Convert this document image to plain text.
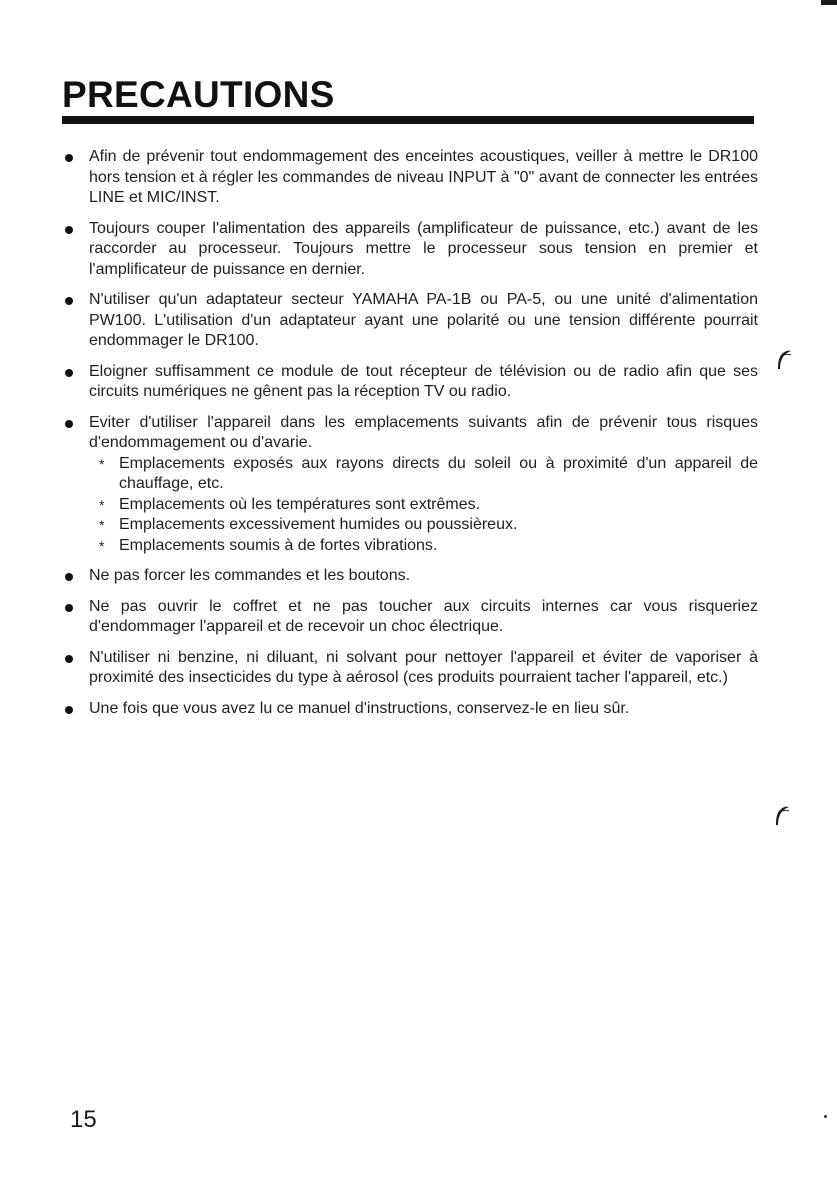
PRECAUTIONS
Afin de prévenir tout endommagement des enceintes acoustiques, veiller à mettre le DR100 hors tension et à régler les commandes de niveau INPUT à "0" avant de connecter les entrées LINE et MIC/INST.
Toujours couper l'alimentation des appareils (amplificateur de puissance, etc.) avant de les raccorder au processeur. Toujours mettre le processeur sous tension en premier et l'amplificateur de puissance en dernier.
N'utiliser qu'un adaptateur secteur YAMAHA PA-1B ou PA-5, ou une unité d'alimentation PW100. L'utilisation d'un adaptateur ayant une polarité ou une tension différente pourrait endommager le DR100.
Eloigner suffisamment ce module de tout récepteur de télévision ou de radio afin que ses circuits numériques ne gênent pas la réception TV ou radio.
Eviter d'utiliser l'appareil dans les emplacements suivants afin de prévenir tous risques d'endommagement ou d'avarie.
* Emplacements exposés aux rayons directs du soleil ou à proximité d'un appareil de chauffage, etc.
* Emplacements où les températures sont extrêmes.
* Emplacements excessivement humides ou poussièreux.
* Emplacements soumis à de fortes vibrations.
Ne pas forcer les commandes et les boutons.
Ne pas ouvrir le coffret et ne pas toucher aux circuits internes car vous risqueriez d'endommager l'appareil et de recevoir un choc électrique.
N'utiliser ni benzine, ni diluant, ni solvant pour nettoyer l'appareil et éviter de vaporiser à proximité des insecticides du type à aérosol (ces produits pourraient tacher l'appareil, etc.)
Une fois que vous avez lu ce manuel d'instructions, conservez-le en lieu sûr.
15
